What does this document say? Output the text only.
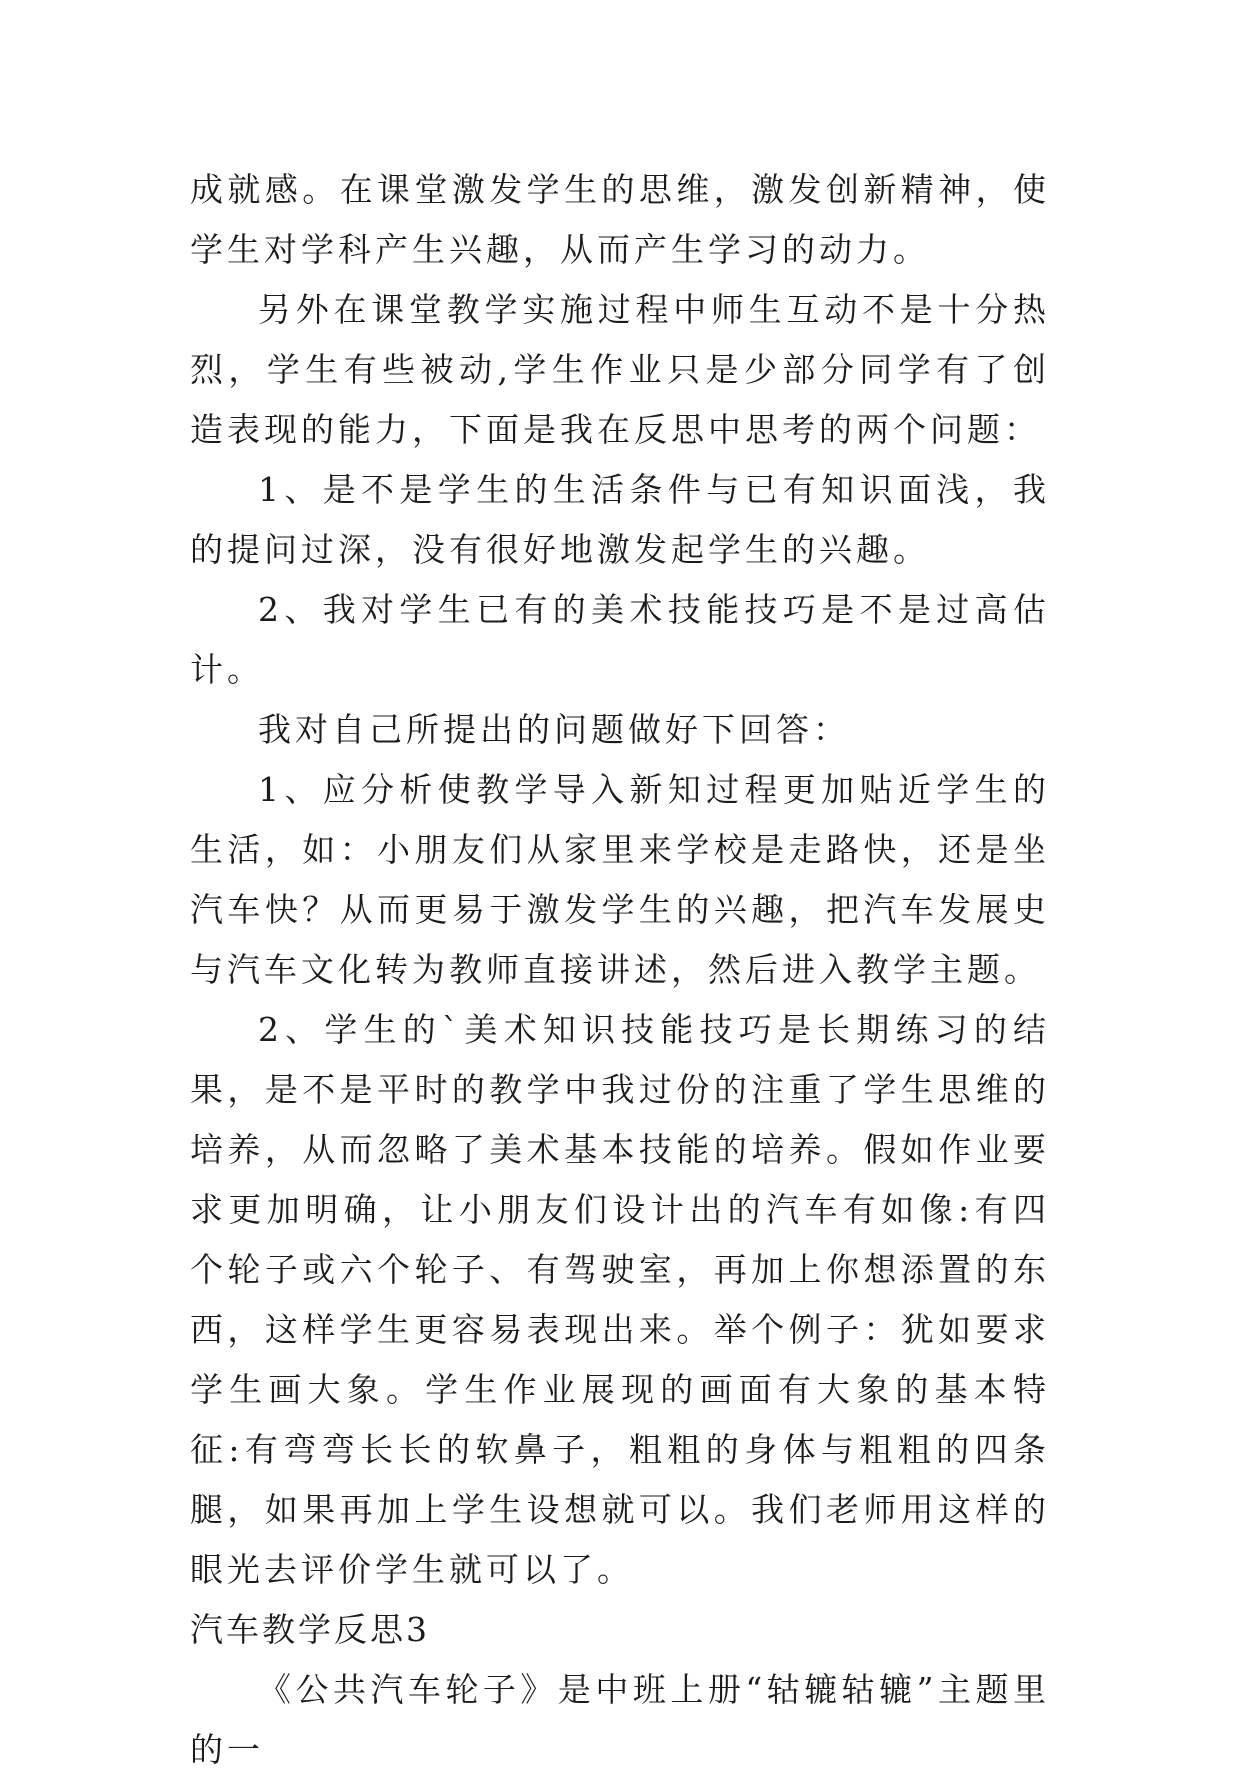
成就感。在课堂激发学生的思维，激发创新精神，使学生对学科产生兴趣，从而产生学习的动力。

另外在课堂教学实施过程中师生互动不是十分热烈，学生有些被动,学生作业只是少部分同学有了创造表现的能力，下面是我在反思中思考的两个问题：

1、是不是学生的生活条件与已有知识面浅，我的提问过深，没有很好地激发起学生的兴趣。

2、我对学生已有的美术技能技巧是不是过高估计。

我对自己所提出的问题做好下回答：

1、应分析使教学导入新知过程更加贴近学生的生活，如：小朋友们从家里来学校是走路快，还是坐汽车快？从而更易于激发学生的兴趣，把汽车发展史与汽车文化转为教师直接讲述，然后进入教学主题。

2、学生的`美术知识技能技巧是长期练习的结果，是不是平时的教学中我过份的注重了学生思维的培养，从而忽略了美术基本技能的培养。假如作业要求更加明确，让小朋友们设计出的汽车有如像:有四个轮子或六个轮子、有驾驶室，再加上你想添置的东西，这样学生更容易表现出来。举个例子：犹如要求学生画大象。学生作业展现的画面有大象的基本特征:有弯弯长长的软鼻子，粗粗的身体与粗粗的四条腿，如果再加上学生设想就可以。我们老师用这样的眼光去评价学生就可以了。

汽车教学反思3

《公共汽车轮子》是中班上册“轱辘轱辘”主题里的一
